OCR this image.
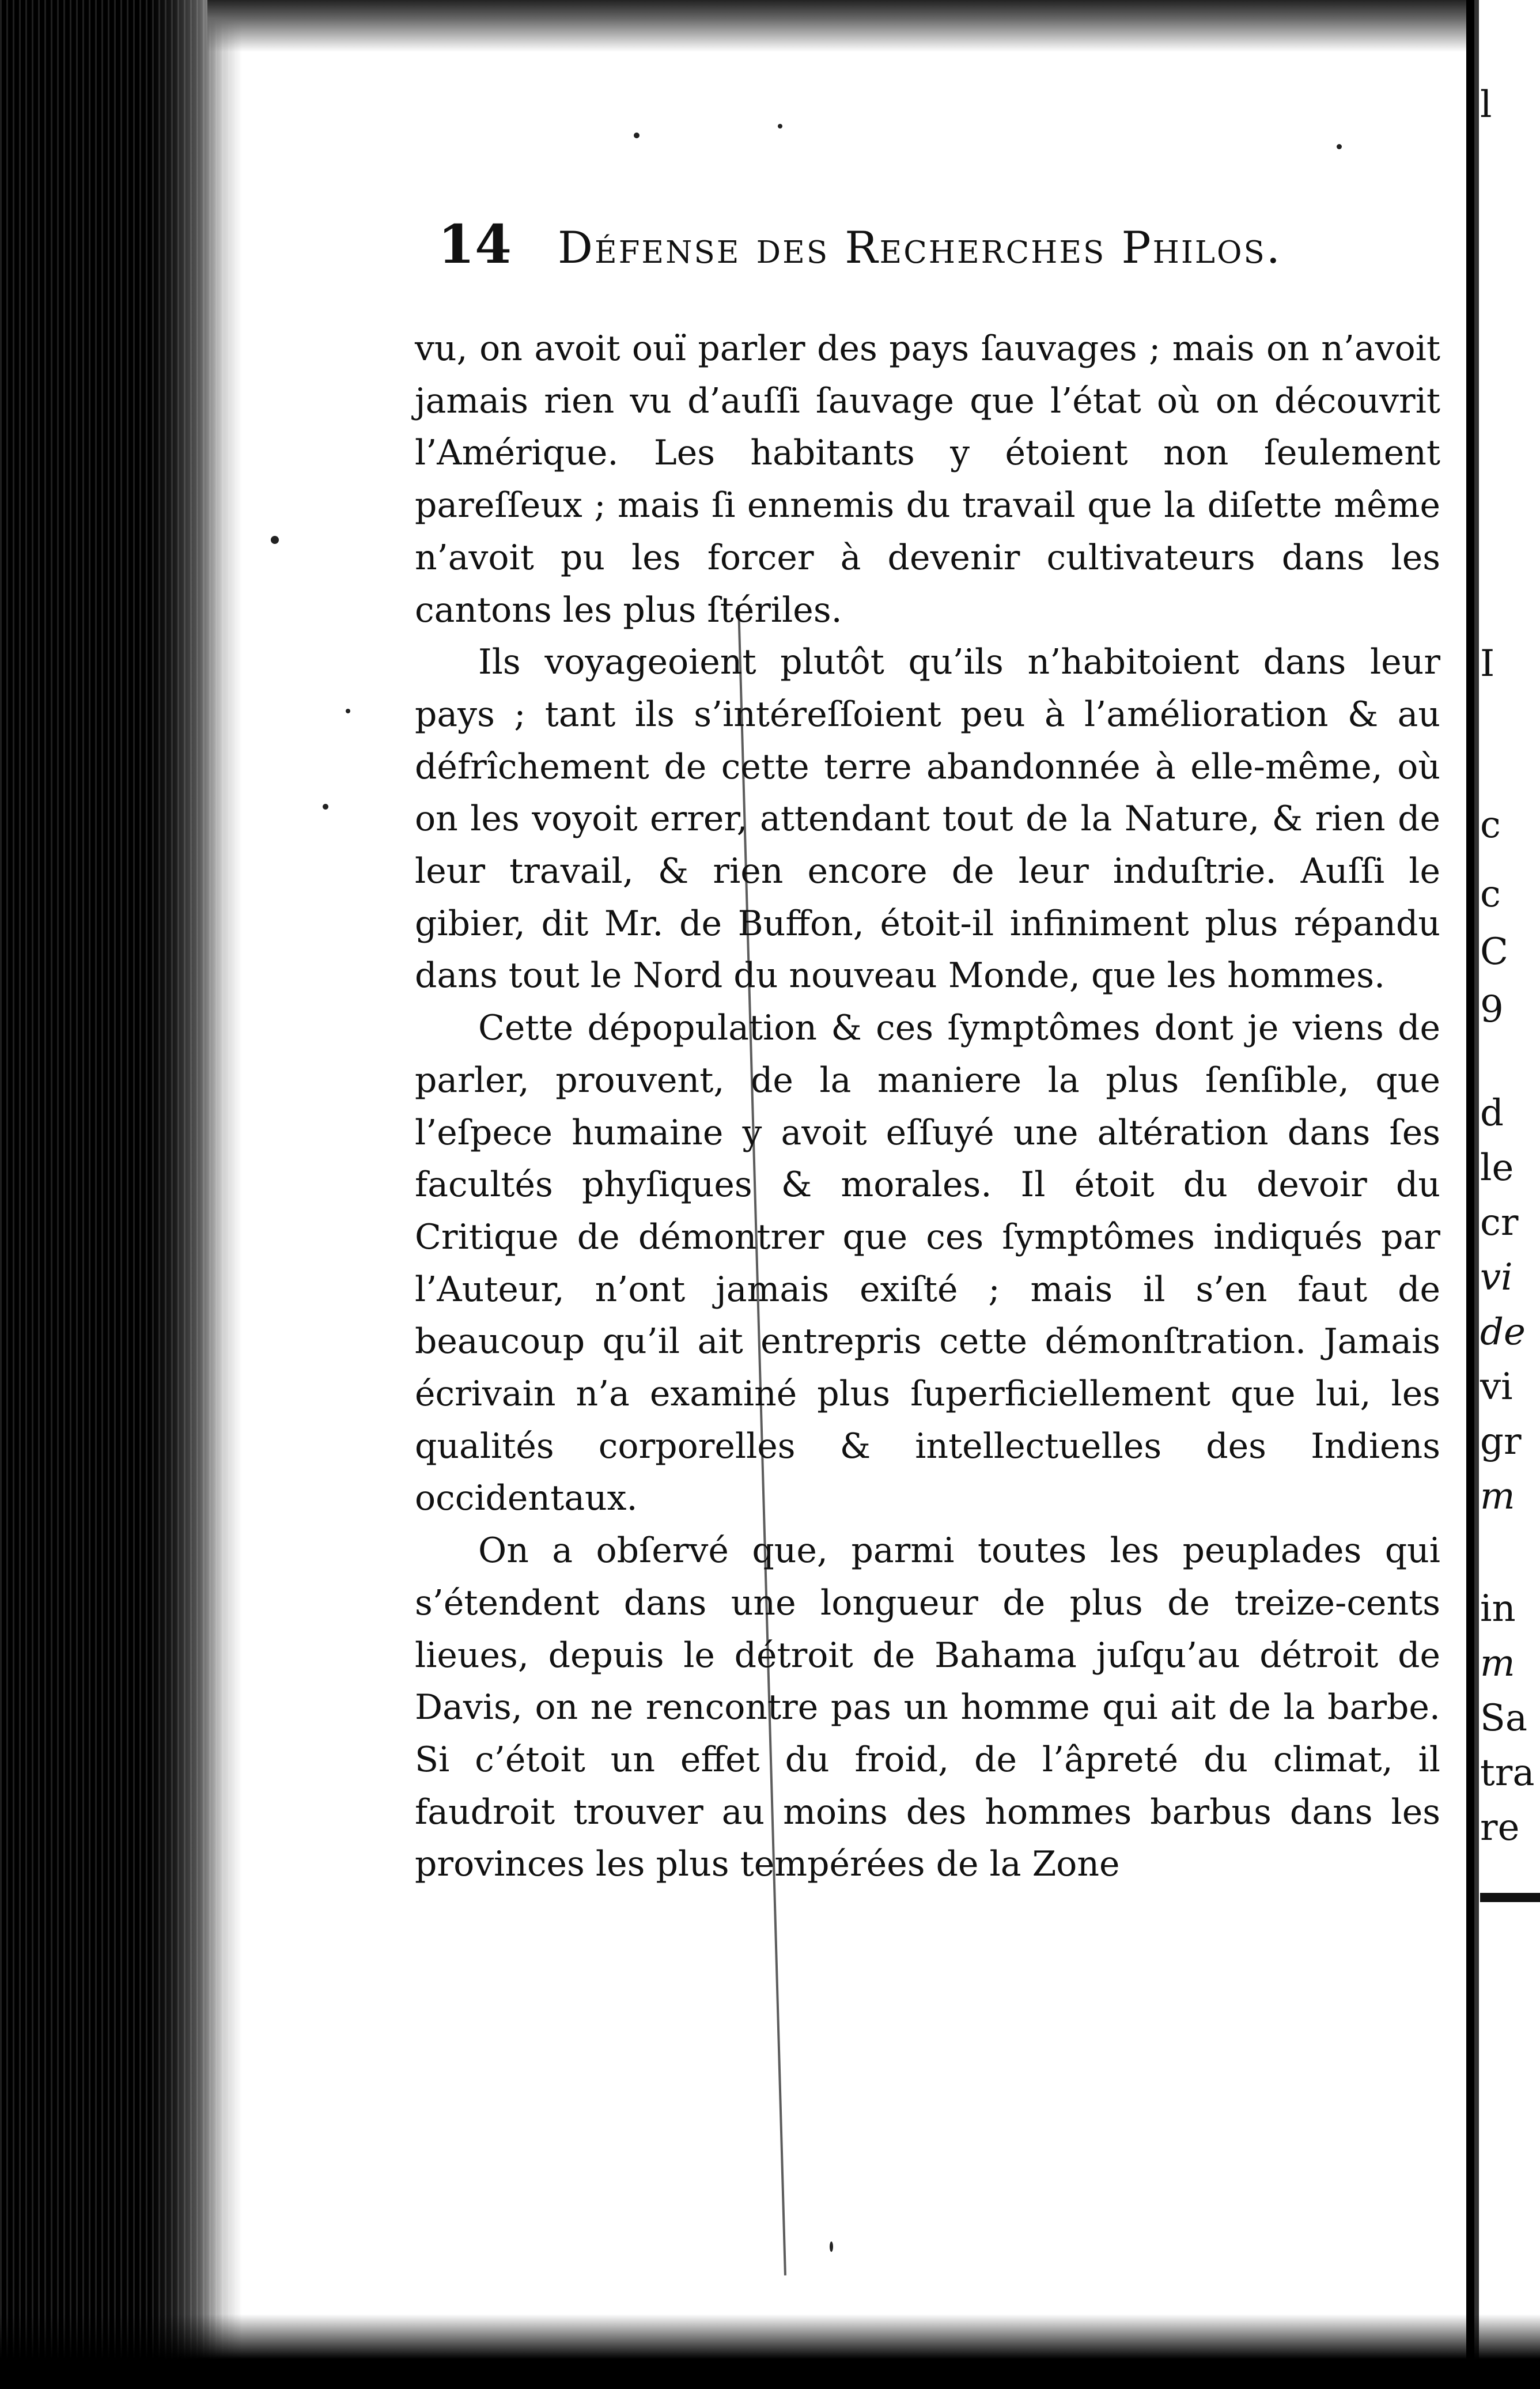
14 Défense des Recherches Philos.

vu, on avoit ouï parler des pays ſauvages ; mais on n’avoit jamais rien vu d’auſſi ſauvage que l’état où on découvrit l’Amérique. Les habitants y étoient non ſeulement pareſſeux ; mais ſi ennemis du travail que la diſette même n’avoit pu les forcer à devenir cultivateurs dans les cantons les plus ſtériles.

Ils voyageoient plutôt qu’ils n’habitoient dans leur pays ; tant ils s’intéreſſoient peu à l’amélioration & au défrîchement de cette terre abandonnée à elle-même, où on les voyoit errer, attendant tout de la Nature, & rien de leur travail, & rien encore de leur induſtrie. Auſſi le gibier, dit Mr. de Buffon, étoit-il infiniment plus répandu dans tout le Nord du nouveau Monde, que les hommes.

Cette dépopulation & ces ſymptômes dont je viens de parler, prouvent, de la maniere la plus ſenſible, que l’eſpece humaine y avoit eſſuyé une altération dans ſes facultés phyſiques & morales. Il étoit du devoir du Critique de démontrer que ces ſymptômes indiqués par l’Auteur, n’ont jamais exiſté ; mais il s’en faut de beaucoup qu’il ait entrepris cette démonſtration. Jamais écrivain n’a examiné plus ſuperficiellement que lui, les qualités corporelles & intellectuelles des Indiens occidentaux.

On a obſervé que, parmi toutes les peuplades qui s’étendent dans une longueur de plus de treize-cents lieues, depuis le détroit de Bahama juſqu’au détroit de Davis, on ne rencontre pas un homme qui ait de la barbe. Si c’étoit un effet du froid, de l’âpreté du climat, il faudroit trouver au moins des hommes barbus dans les provinces les plus tempérées de la Zone

l
I
c
c
C
9
d
le
cr
vi
de
vi
gr
m
in
m
Sa
tra
re
